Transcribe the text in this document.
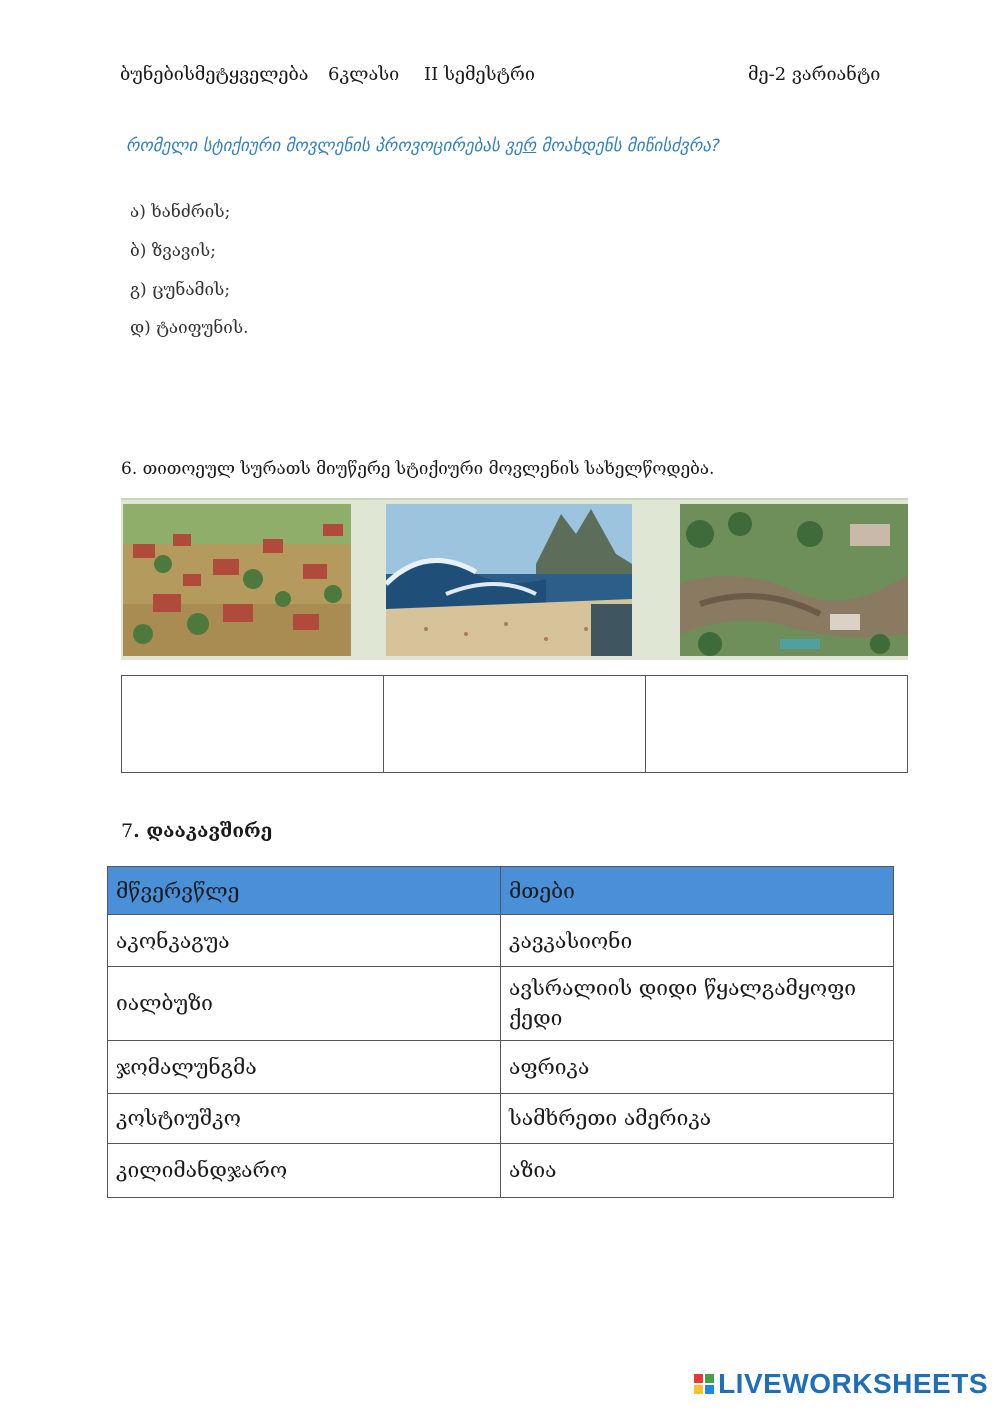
ბუნებისმეტყველება 6კლასი II სემესტრი	მე-2 ვარიანტი
რომელი სტიქიური მოვლენის პროვოცირებას ვერ მოახდენს მიწისძვრა?
ა) ხანძრის;
ბ) ზვავის;
გ) ცუნამის;
დ) ტაიფუნის.
6. თითოეულ სურათს მიუწერე სტიქიური მოვლენის სახელწოდება.

7. დააკავშირე
მწვერვწლე	მთები
აკონკაგუა	კავკასიონი
იალბუზი	ავსრალიის დიდი წყალგამყოფი ქედი
ჯომალუნგმა	აფრიკა
კოსტიუშკო	სამხრეთი ამერიკა
კილიმანდჯარო	აზია
LIVEWORKSHEETS
